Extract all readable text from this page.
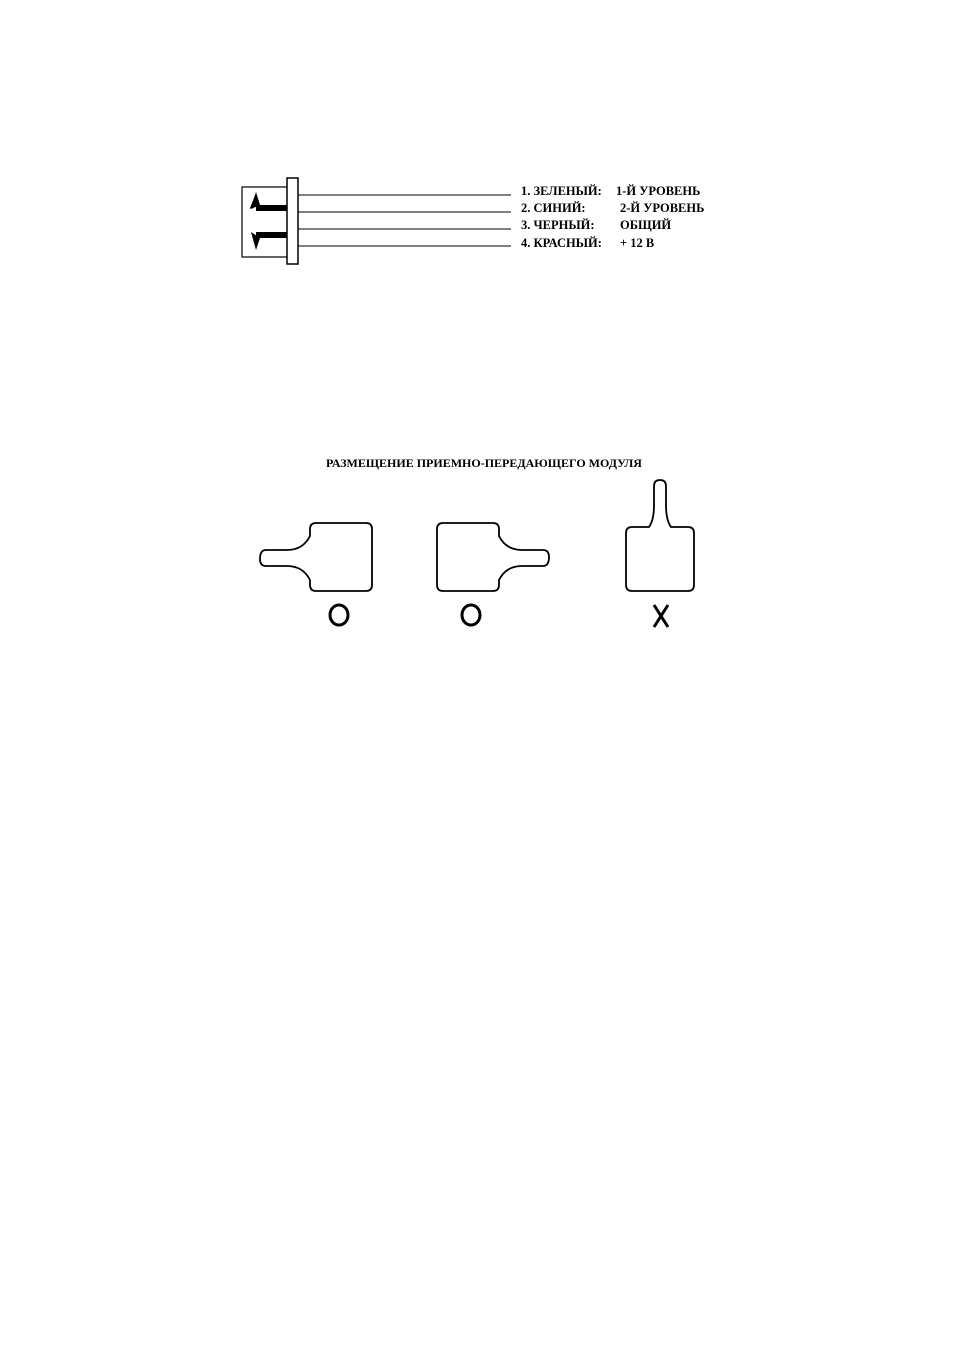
1. ЗЕЛЕНЫЙ: 1-Й УРОВЕНЬ
2. СИНИЙ:	2-Й УРОВЕНЬ
3. ЧЕРНЫЙ: ОБЩИЙ
4. КРАСНЫЙ: + 12 В
РАЗМЕЩЕНИЕ ПРИЕМНО-ПЕРЕДАЮЩЕГО МОДУЛЯ
